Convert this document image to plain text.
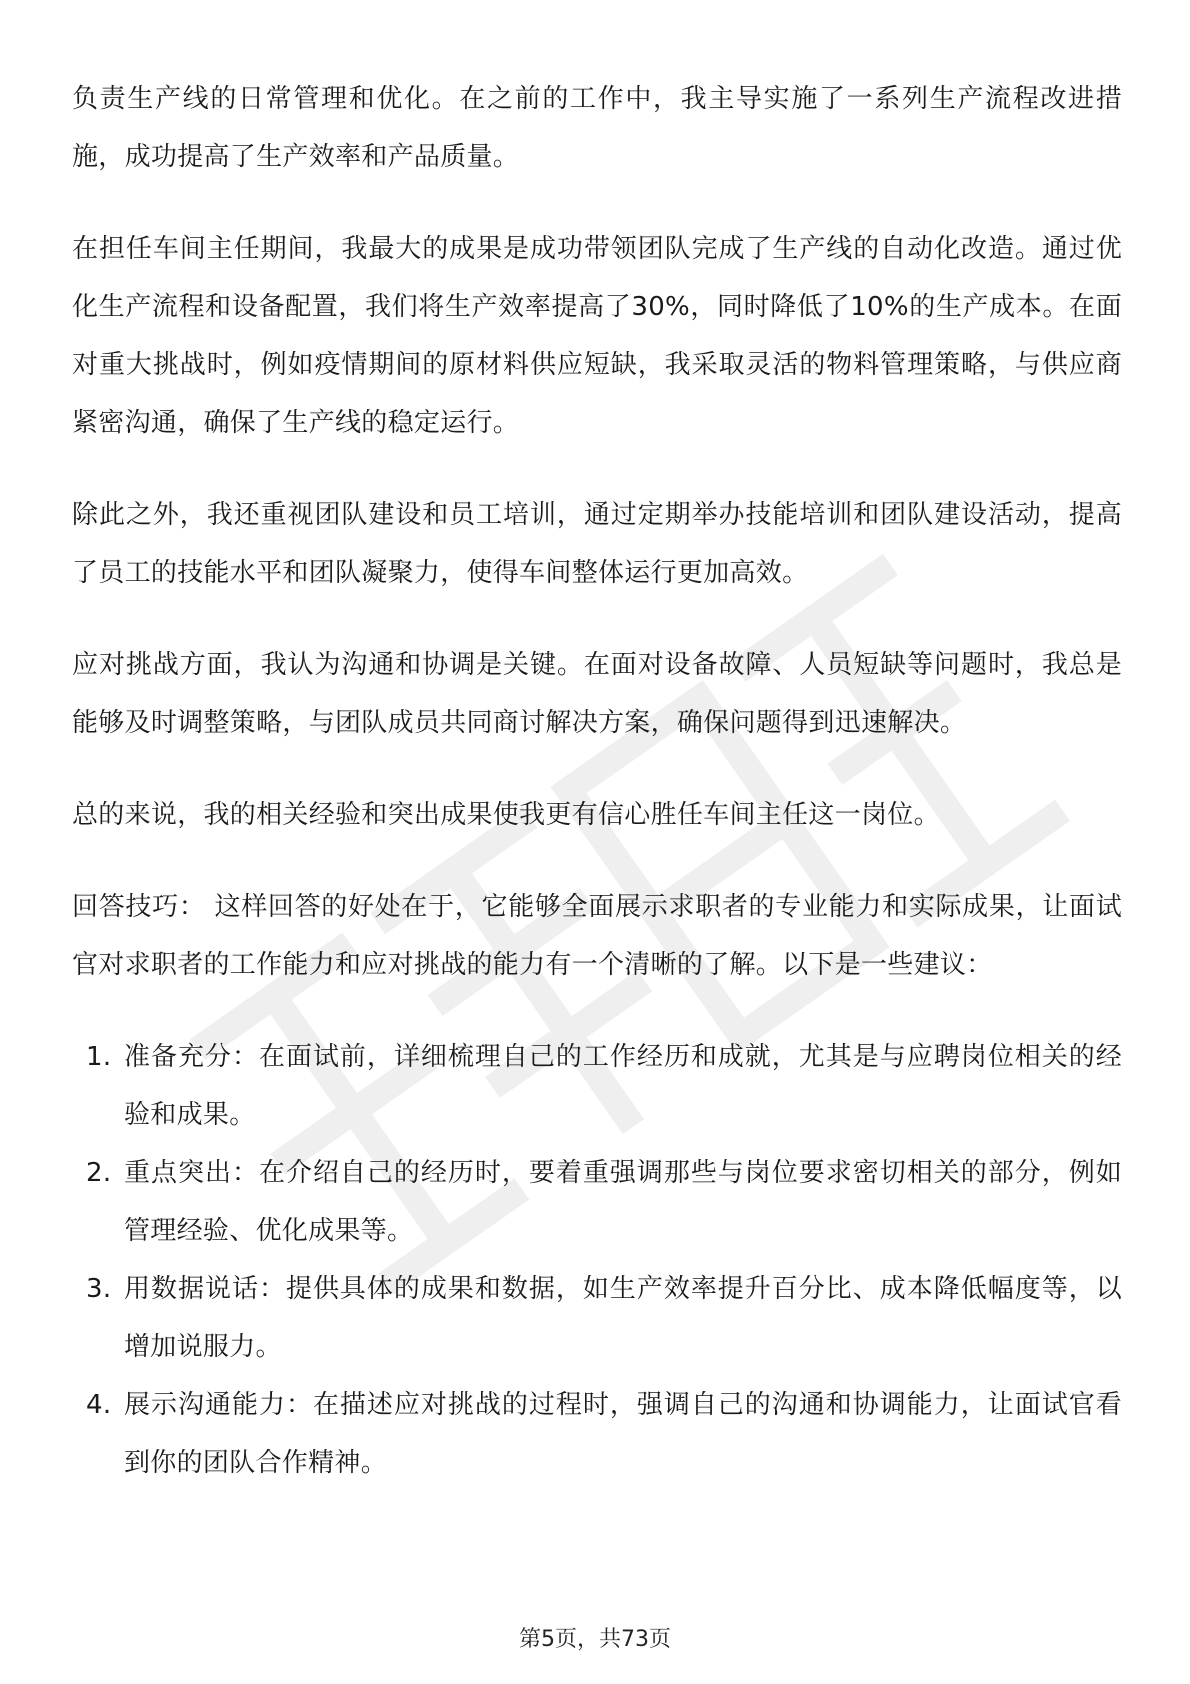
负责生产线的日常管理和优化。在之前的工作中，我主导实施了一系列生产流程改进措施，成功提高了生产效率和产品质量。

在担任车间主任期间，我最大的成果是成功带领团队完成了生产线的自动化改造。通过优化生产流程和设备配置，我们将生产效率提高了30%，同时降低了10%的生产成本。在面对重大挑战时，例如疫情期间的原材料供应短缺，我采取灵活的物料管理策略，与供应商紧密沟通，确保了生产线的稳定运行。

除此之外，我还重视团队建设和员工培训，通过定期举办技能培训和团队建设活动，提高了员工的技能水平和团队凝聚力，使得车间整体运行更加高效。

应对挑战方面，我认为沟通和协调是关键。在面对设备故障、人员短缺等问题时，我总是能够及时调整策略，与团队成员共同商讨解决方案，确保问题得到迅速解决。

总的来说，我的相关经验和突出成果使我更有信心胜任车间主任这一岗位。

回答技巧： 这样回答的好处在于，它能够全面展示求职者的专业能力和实际成果，让面试官对求职者的工作能力和应对挑战的能力有一个清晰的了解。以下是一些建议：

1. 准备充分：在面试前，详细梳理自己的工作经历和成就，尤其是与应聘岗位相关的经验和成果。
2. 重点突出：在介绍自己的经历时，要着重强调那些与岗位要求密切相关的部分，例如管理经验、优化成果等。
3. 用数据说话：提供具体的成果和数据，如生产效率提升百分比、成本降低幅度等，以增加说服力。
4. 展示沟通能力：在描述应对挑战的过程时，强调自己的沟通和协调能力，让面试官看到你的团队合作精神。
第5页，共73页
